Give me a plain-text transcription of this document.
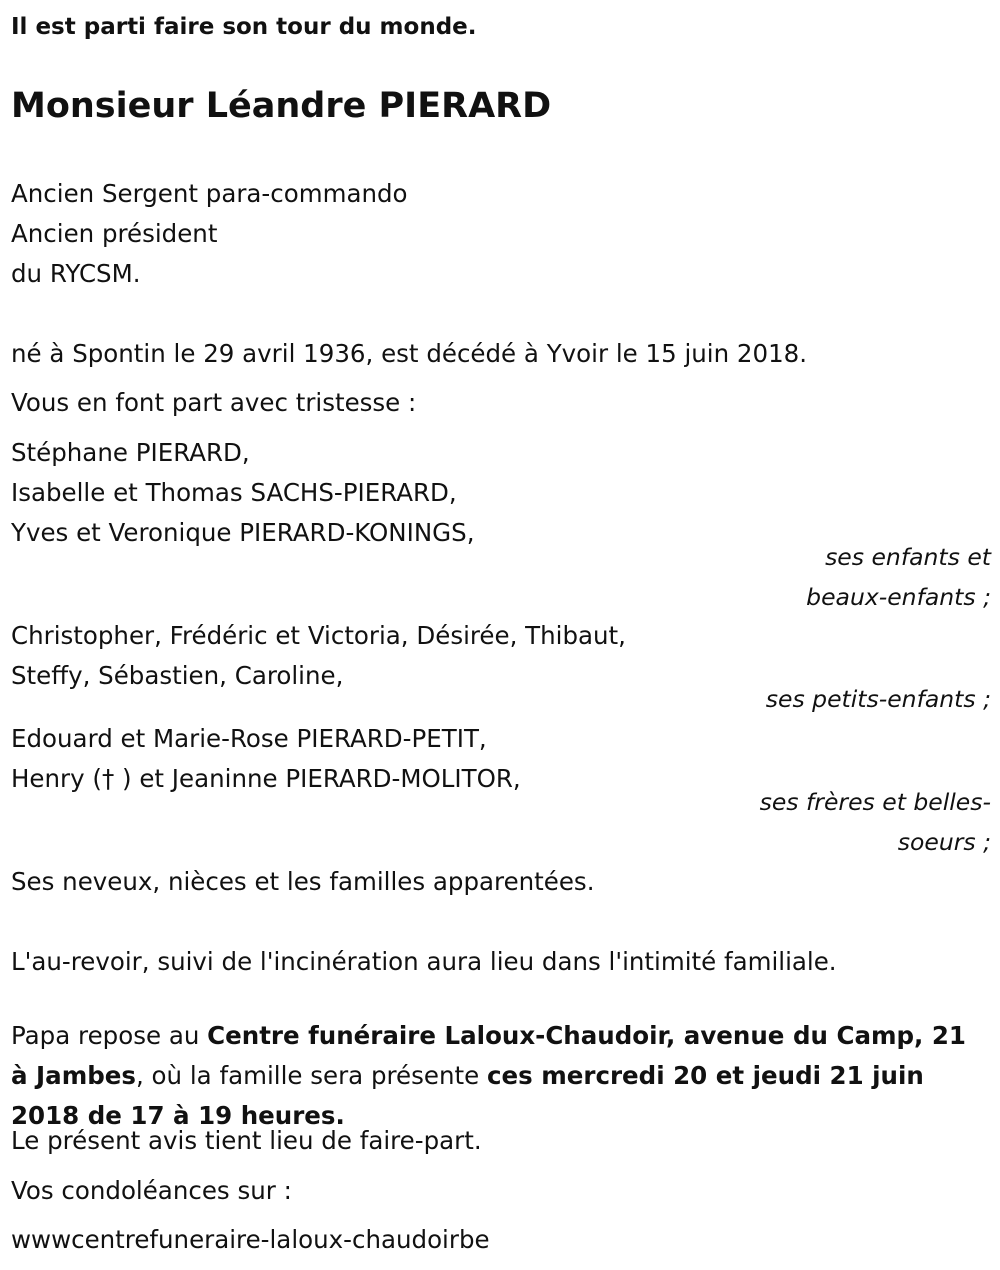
Il est parti faire son tour du monde.

Monsieur Léandre PIERARD
Ancien Sergent para-commando
Ancien président
du RYCSM.

né à Spontin le 29 avril 1936, est décédé à Yvoir le 15 juin 2018.

Vous en font part avec tristesse :

Stéphane PIERARD,
Isabelle et Thomas SACHS-PIERARD,
Yves et Veronique PIERARD-KONINGS,
ses enfants et
beaux-enfants ;
Christopher, Frédéric et Victoria, Désirée, Thibaut,
Steffy, Sébastien, Caroline,
ses petits-enfants ;
Edouard et Marie-Rose PIERARD-PETIT,
Henry († ) et Jeaninne PIERARD-MOLITOR,
ses frères et belles-
soeurs ;

Ses neveux, nièces et les familles apparentées.

L'au-revoir, suivi de l'incinération aura lieu dans l'intimité familiale.

Papa repose au Centre funéraire Laloux-Chaudoir, avenue du Camp, 21 à Jambes, où la famille sera présente ces mercredi 20 et jeudi 21 juin 2018 de 17 à 19 heures.

Le présent avis tient lieu de faire-part.

Vos condoléances sur :

wwwcentrefuneraire-laloux-chaudoirbe
